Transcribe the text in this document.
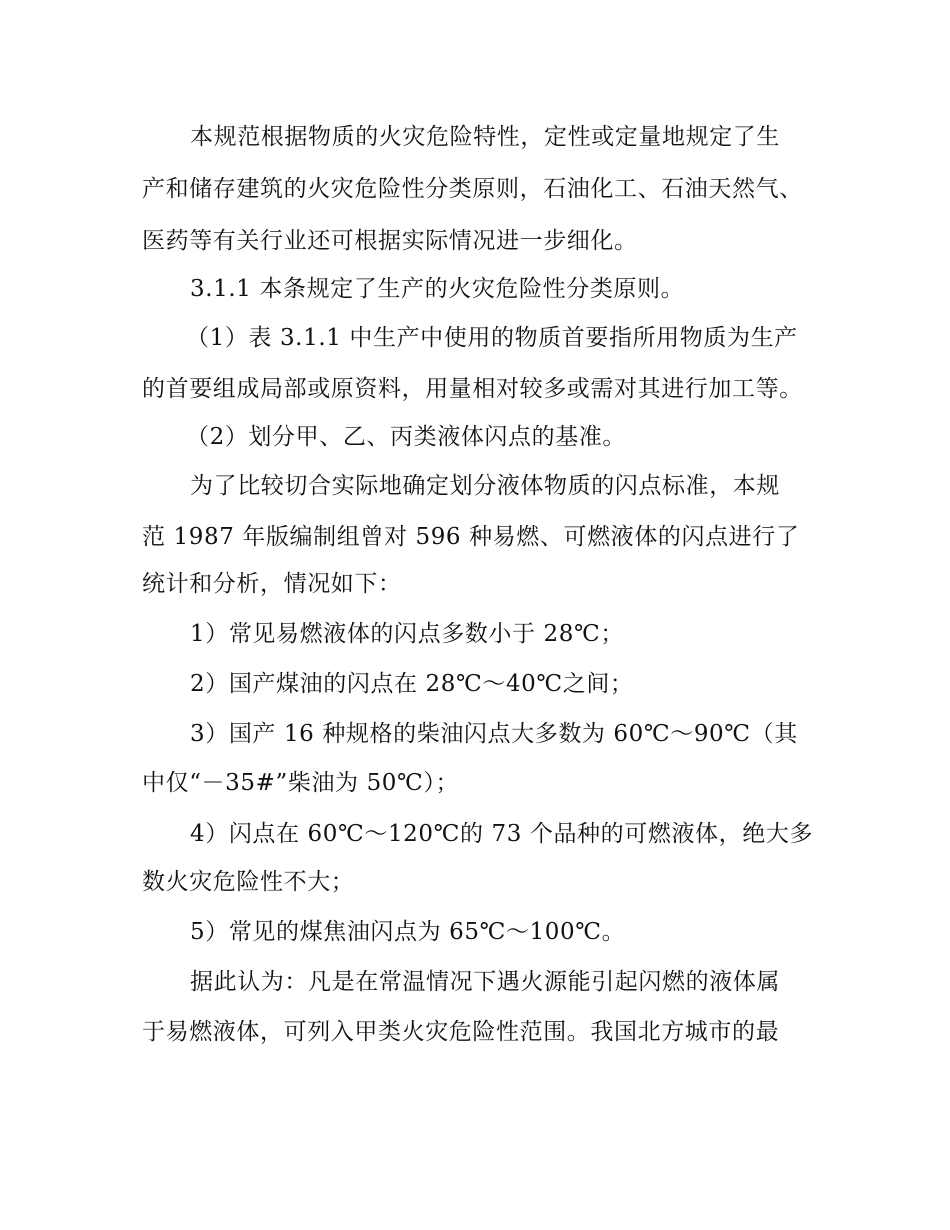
本规范根据物质的火灾危险特性，定性或定量地规定了生
产和储存建筑的火灾危险性分类原则，石油化工、石油天然气、
医药等有关行业还可根据实际情况进一步细化。
3.1.1 本条规定了生产的火灾危险性分类原则。
（1）表 3.1.1 中生产中使用的物质首要指所用物质为生产
的首要组成局部或原资料，用量相对较多或需对其进行加工等。
（2）划分甲、乙、丙类液体闪点的基准。
为了比较切合实际地确定划分液体物质的闪点标准，本规
范 1987 年版编制组曾对 596 种易燃、可燃液体的闪点进行了
统计和分析，情况如下：
1）常见易燃液体的闪点多数小于 28℃；
2）国产煤油的闪点在 28℃～40℃之间；
3）国产 16 种规格的柴油闪点大多数为 60℃～90℃（其
中仅“－35#”柴油为 50℃）；
4）闪点在 60℃～120℃的 73 个品种的可燃液体，绝大多
数火灾危险性不大；
5）常见的煤焦油闪点为 65℃～100℃。
据此认为：凡是在常温情况下遇火源能引起闪燃的液体属
于易燃液体，可列入甲类火灾危险性范围。我国北方城市的最
